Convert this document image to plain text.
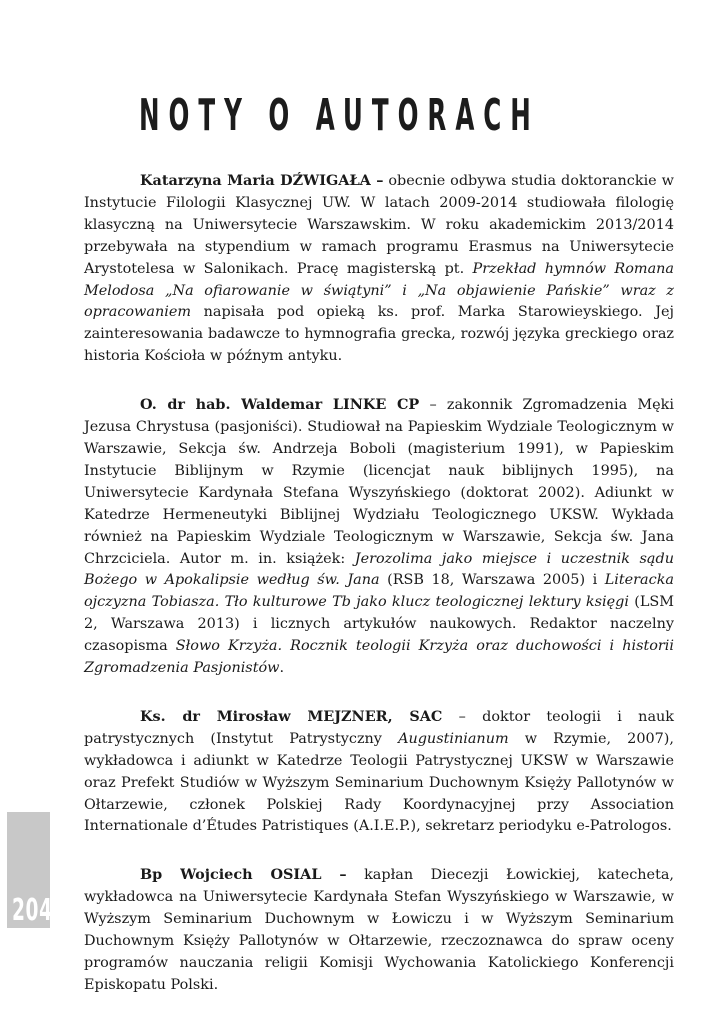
NOTY O AUTORACH

Katarzyna Maria DŹWIGAŁA – obecnie odbywa studia doktoranckie w Instytucie Filologii Klasycznej UW. W latach 2009-2014 studiowała filologię klasyczną na Uniwersytecie Warszawskim. W roku akademickim 2013/2014 przebywała na stypendium w ramach programu Erasmus na Uniwersytecie Arystotelesa w Salonikach. Pracę magisterską pt. Przekład hymnów Romana Melodosa „Na ofiarowanie w świątyni” i „Na objawienie Pańskie” wraz z opracowaniem napisała pod opieką ks. prof. Marka Starowieyskiego. Jej zainteresowania badawcze to hymnografia grecka, rozwój języka greckiego oraz historia Kościoła w późnym antyku.

O. dr hab. Waldemar LINKE CP – zakonnik Zgromadzenia Męki Jezusa Chrystusa (pasjoniści). Studiował na Papieskim Wydziale Teologicznym w Warszawie, Sekcja św. Andrzeja Boboli (magisterium 1991), w Papieskim Instytucie Biblijnym w Rzymie (licencjat nauk biblijnych 1995), na Uniwersytecie Kardynała Stefana Wyszyńskiego (doktorat 2002). Adiunkt w Katedrze Hermeneutyki Biblijnej Wydziału Teologicznego UKSW. Wykłada również na Papieskim Wydziale Teologicznym w Warszawie, Sekcja św. Jana Chrzciciela. Autor m. in. książek: Jerozolima jako miejsce i uczestnik sądu Bożego w Apokalipsie według św. Jana (RSB 18, Warszawa 2005) i Literacka ojczyzna Tobiasza. Tło kulturowe Tb jako klucz teologicznej lektury księgi (LSM 2, Warszawa 2013) i licznych artykułów naukowych. Redaktor naczelny czasopisma Słowo Krzyża. Rocznik teologii Krzyża oraz duchowości i historii Zgromadzenia Pasjonistów.

Ks. dr Mirosław MEJZNER, SAC – doktor teologii i nauk patrystycznych (Instytut Patrystyczny Augustinianum w Rzymie, 2007), wykładowca i adiunkt w Katedrze Teologii Patrystycznej UKSW w Warszawie oraz Prefekt Studiów w Wyższym Seminarium Duchownym Księży Pallotynów w Ołtarzewie, członek Polskiej Rady Koordynacyjnej przy Association Internationale d’Études Patristiques (A.I.E.P.), sekretarz periodyku e-Patrologos.

Bp Wojciech OSIAL – kapłan Diecezji Łowickiej, katecheta, wykładowca na Uniwersytecie Kardynała Stefan Wyszyńskiego w Warszawie, w Wyższym Seminarium Duchownym w Łowiczu i w Wyższym Seminarium Duchownym Księży Pallotynów w Ołtarzewie, rzeczoznawca do spraw oceny programów nauczania religii Komisji Wychowania Katolickiego Konferencji Episkopatu Polski.

204
